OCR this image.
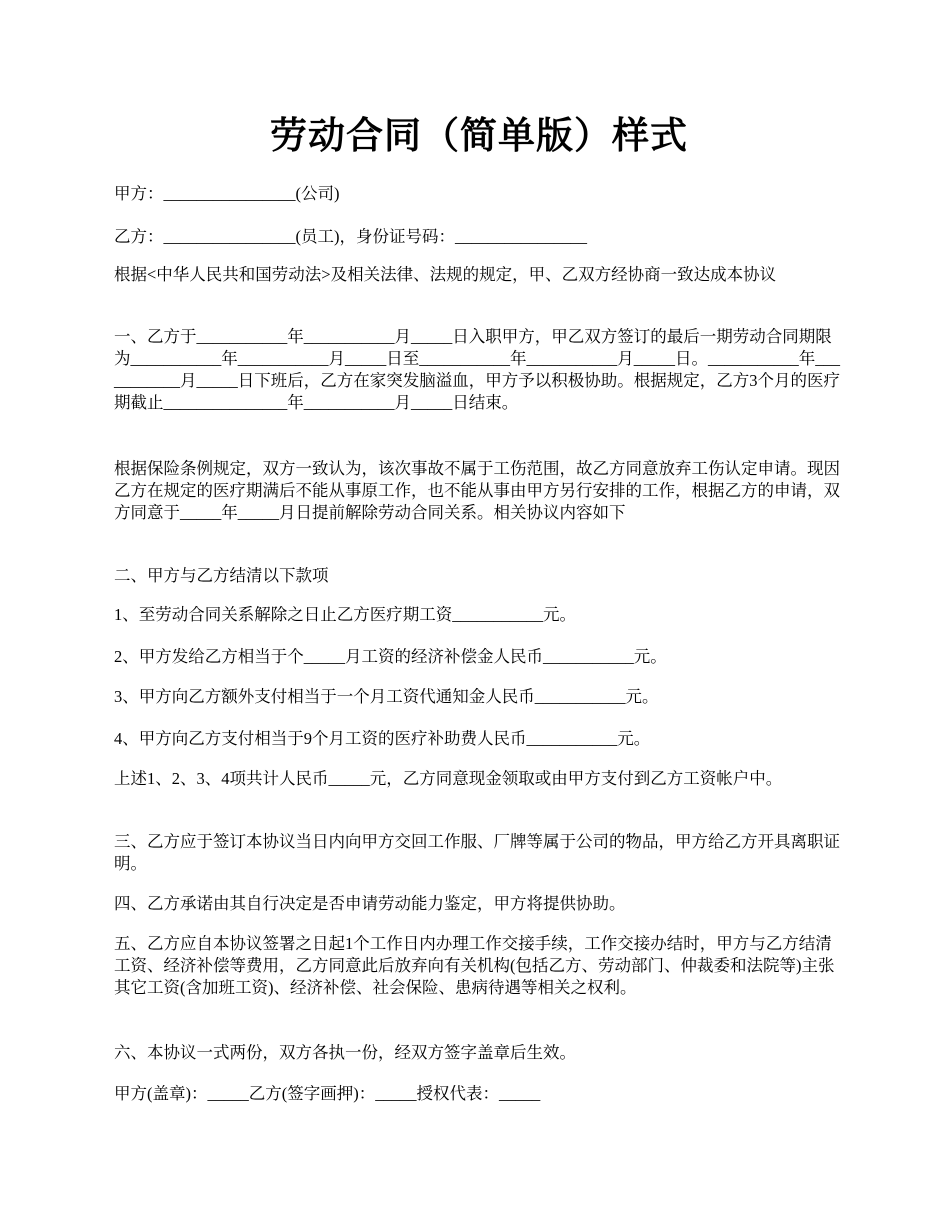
劳动合同（简单版）样式

甲方：________________(公司)

乙方：________________(员工)，身份证号码：________________

根据<中华人民共和国劳动法>及相关法律、法规的规定，甲、乙双方经协商一致达成本协议

一、乙方于___________年___________月_____日入职甲方，甲乙双方签订的最后一期劳动合同期限为___________年___________月_____日至___________年___________月_____日。___________年___________月_____日下班后，乙方在家突发脑溢血，甲方予以积极协助。根据规定，乙方3个月的医疗期截止_______________年___________月_____日结束。

根据保险条例规定，双方一致认为，该次事故不属于工伤范围，故乙方同意放弃工伤认定申请。现因乙方在规定的医疗期满后不能从事原工作，也不能从事由甲方另行安排的工作，根据乙方的申请，双方同意于_____年_____月日提前解除劳动合同关系。相关协议内容如下

二、甲方与乙方结清以下款项

1、至劳动合同关系解除之日止乙方医疗期工资___________元。

2、甲方发给乙方相当于个_____月工资的经济补偿金人民币___________元。

3、甲方向乙方额外支付相当于一个月工资代通知金人民币___________元。

4、甲方向乙方支付相当于9个月工资的医疗补助费人民币___________元。

上述1、2、3、4项共计人民币_____元，乙方同意现金领取或由甲方支付到乙方工资帐户中。

三、乙方应于签订本协议当日内向甲方交回工作服、厂牌等属于公司的物品，甲方给乙方开具离职证明。

四、乙方承诺由其自行决定是否申请劳动能力鉴定，甲方将提供协助。

五、乙方应自本协议签署之日起1个工作日内办理工作交接手续，工作交接办结时，甲方与乙方结清工资、经济补偿等费用，乙方同意此后放弃向有关机构(包括乙方、劳动部门、仲裁委和法院等)主张其它工资(含加班工资)、经济补偿、社会保险、患病待遇等相关之权利。

六、本协议一式两份，双方各执一份，经双方签字盖章后生效。

甲方(盖章)：_____乙方(签字画押)：_____授权代表：_____
